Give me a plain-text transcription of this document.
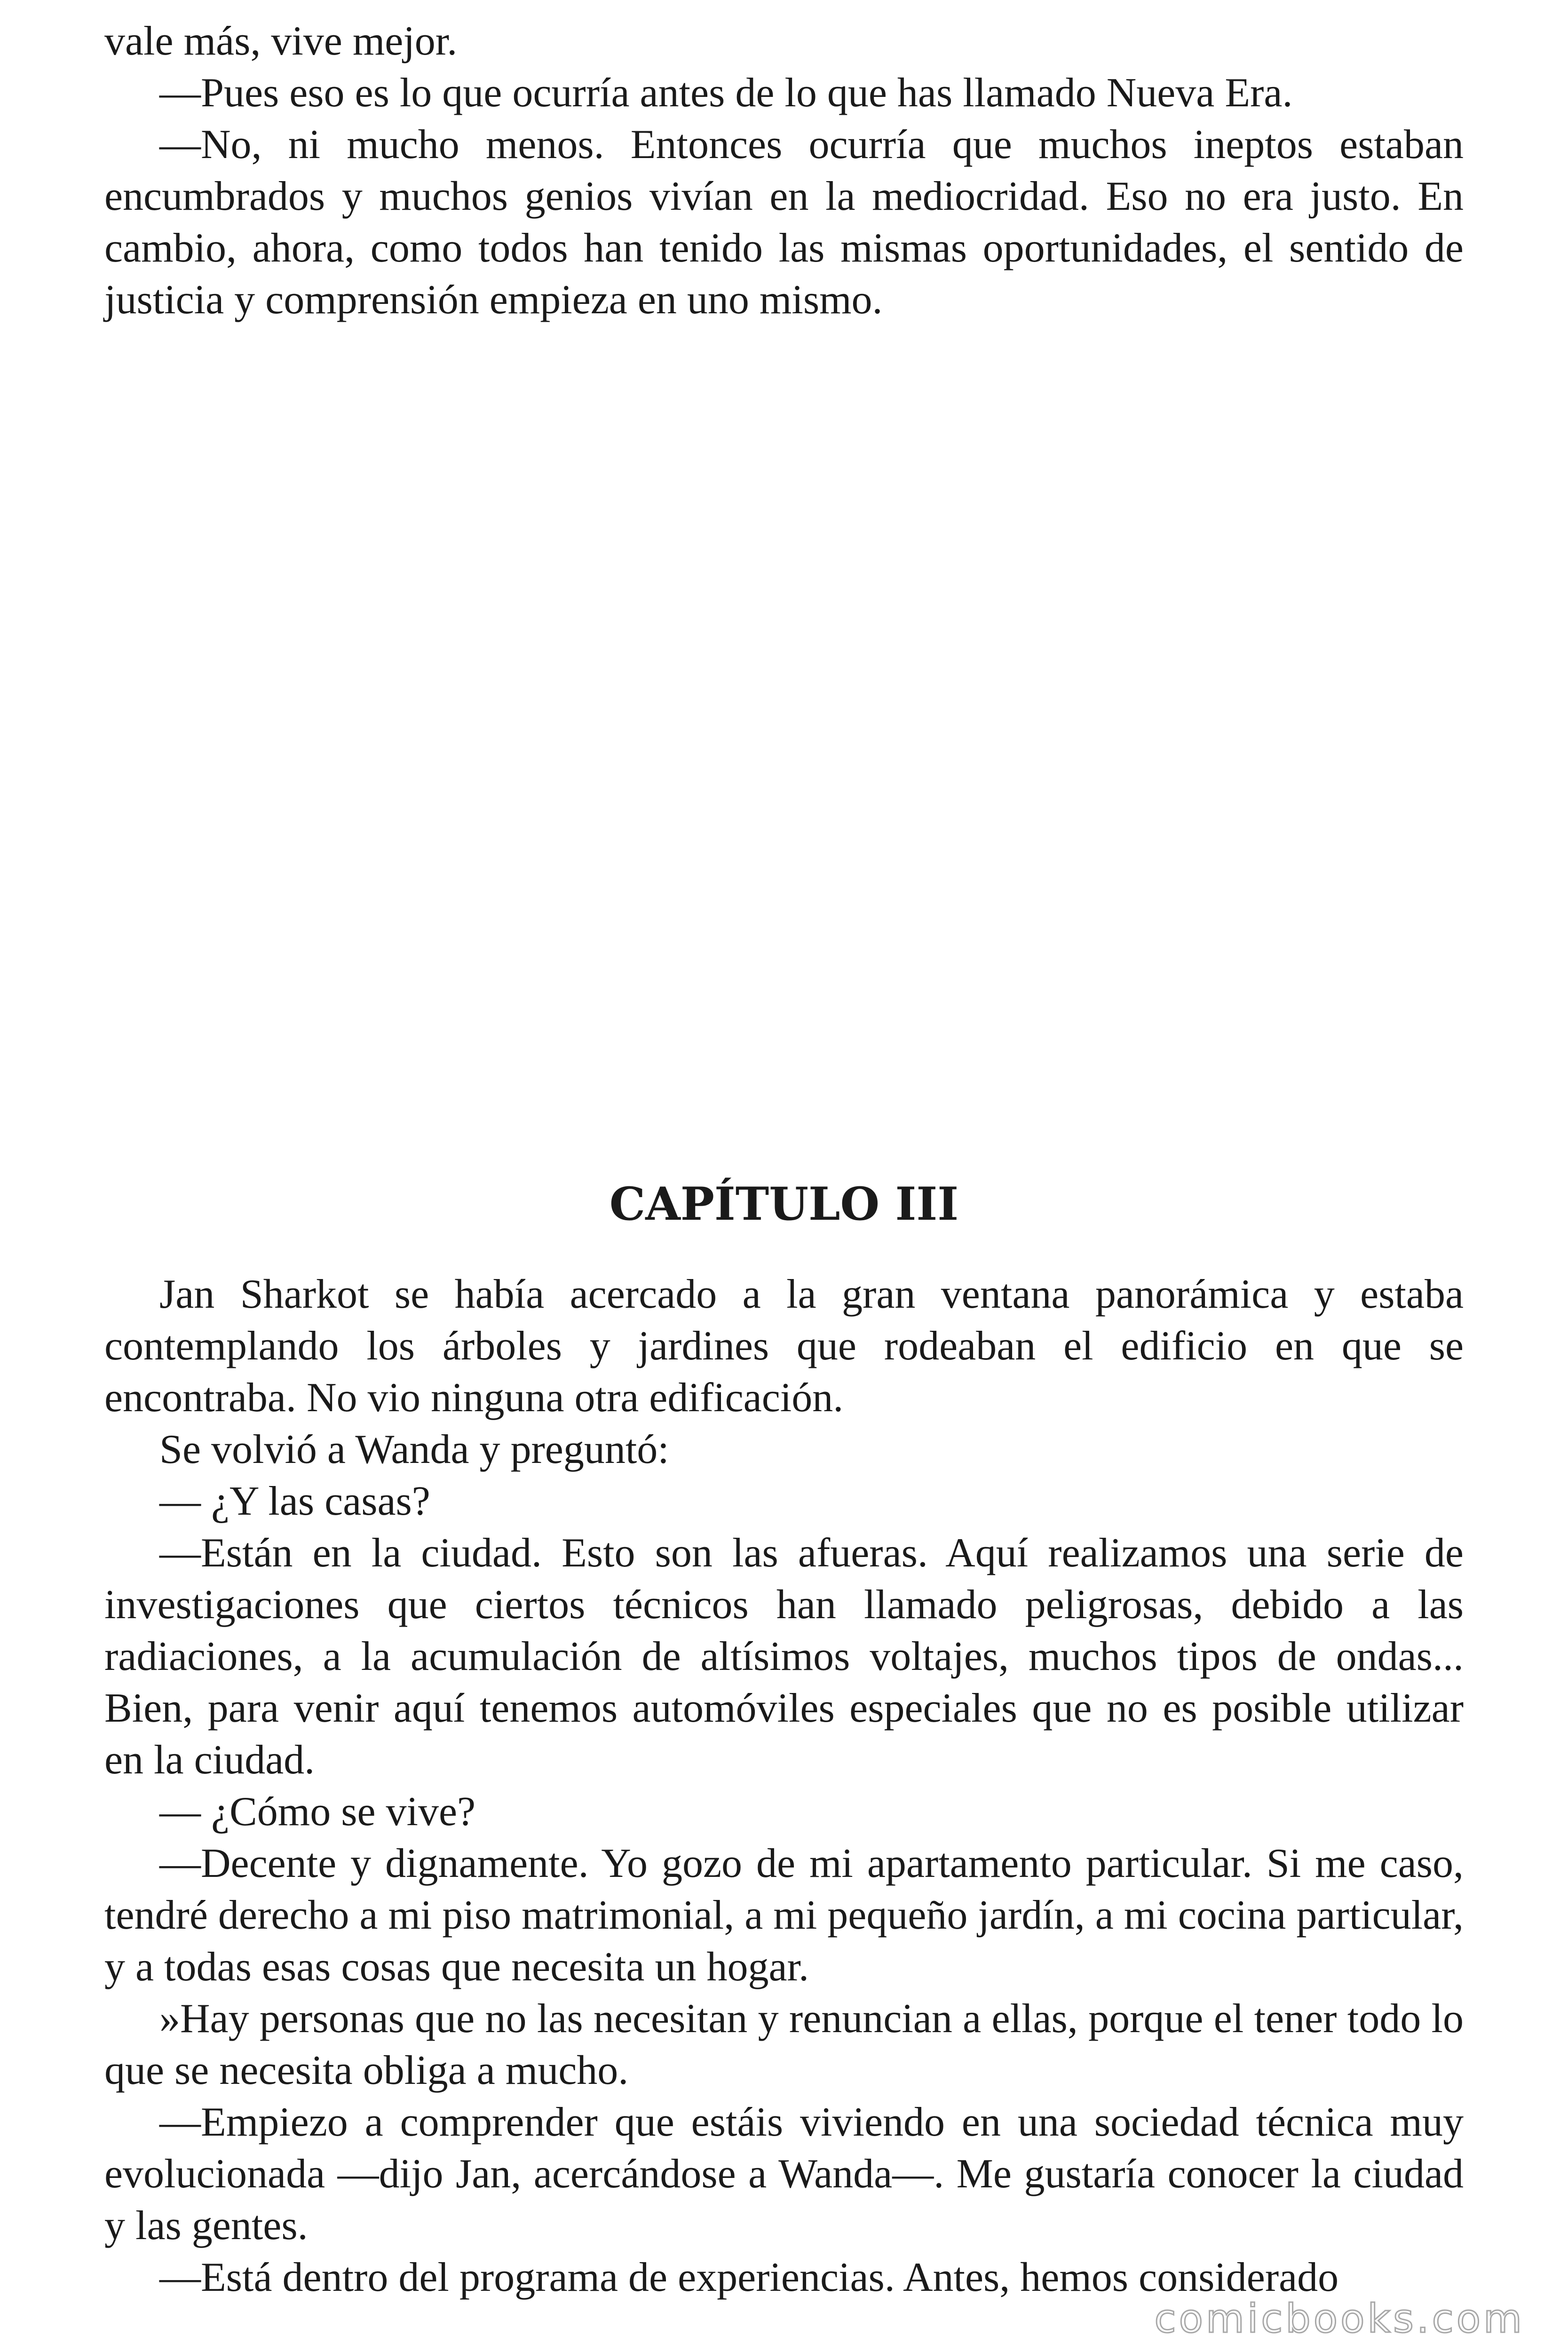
vale más, vive mejor.

—Pues eso es lo que ocurría antes de lo que has llamado Nueva Era.

—No, ni mucho menos. Entonces ocurría que muchos ineptos estaban encumbrados y muchos genios vivían en la mediocridad. Eso no era justo. En cambio, ahora, como todos han tenido las mismas oportunidades, el sentido de justicia y comprensión empieza en uno mismo.

CAPÍTULO III

Jan Sharkot se había acercado a la gran ventana panorámica y estaba contemplando los árboles y jardines que rodeaban el edificio en que se encontraba. No vio ninguna otra edificación.

Se volvió a Wanda y preguntó:

— ¿Y las casas?

—Están en la ciudad. Esto son las afueras. Aquí realizamos una serie de investigaciones que ciertos técnicos han llamado peligrosas, debido a las radiaciones, a la acumulación de altísimos voltajes, muchos tipos de ondas... Bien, para venir aquí tenemos automóviles especiales que no es posible utilizar en la ciudad.

— ¿Cómo se vive?

—Decente y dignamente. Yo gozo de mi apartamento particular. Si me caso, tendré derecho a mi piso matrimonial, a mi pequeño jardín, a mi cocina particular, y a todas esas cosas que necesita un hogar.

»Hay personas que no las necesitan y renuncian a ellas, porque el tener todo lo que se necesita obliga a mucho.

—Empiezo a comprender que estáis viviendo en una sociedad técnica muy evolucionada —dijo Jan, acercándose a Wanda—. Me gustaría conocer la ciudad y las gentes.

—Está dentro del programa de experiencias. Antes, hemos considerado

comicbooks.com
